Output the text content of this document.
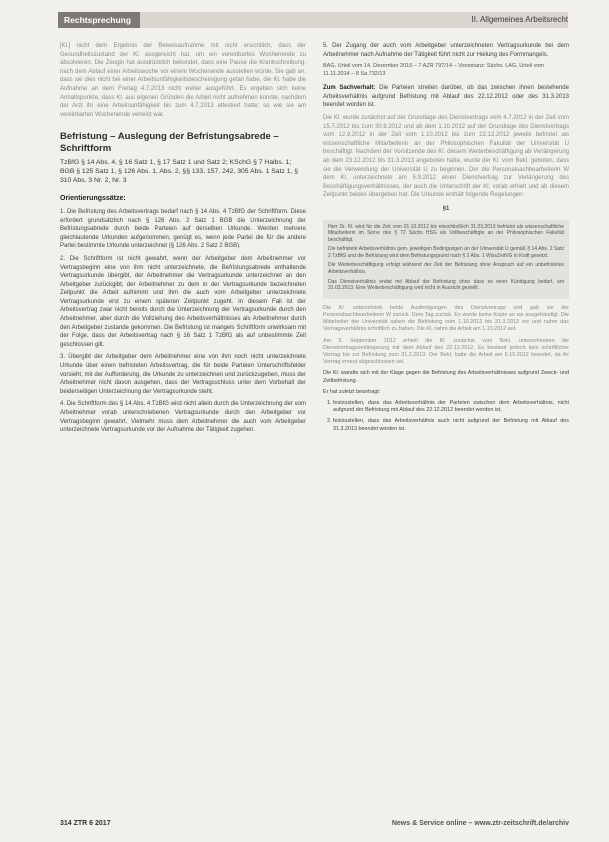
Rechtsprechung	II. Allgemeines Arbeitsrecht

[Kl.] nicht dem Ergebnis der Beweisaufnahme mit nicht ersichtlich, dass der Gesundheitszustand der Kl. ausgereicht hat, um ein vereinbartes Wochenende zu absolvieren. Die Zeugin hat ausdrücklich bekundet, dass eine Pause die Krankschreibung, nach dem Ablauf einer Arbeitswoche vor einem Wochenende ausstellen würde. Sie gab an, dass sie dies nicht bei einer Arbeitsunfähigkeitsbescheinigung getan habe, die Kl. habe die Aufnahme an dem Freitag 4.7.2013 nicht weiter ausgeführt. Es ergeben sich keine Anhaltspunkte, dass Kl. aus eigenen Gründen die Arbeit nicht aufnehmen konnte, nachdem der Arzt ihr eine Arbeitsunfähigkeit bis zum 4.7.2013 attestiert hatte; so wie sie am vereinbarten Wochenende verreist war.

Befristung – Auslegung der Befristungsabrede – Schriftform
TzBfG § 14 Abs. 4, § 16 Satz 1, § 17 Satz 1 und Satz 2; KSchG § 7 Halbs. 1; BGB § 125 Satz 1, § 126 Abs. 1, Abs. 2, §§ 133, 157, 242, 305 Abs. 1 Satz 1, § 310 Abs. 3 Nr. 2, Nr. 3
Orientierungssätze:

1. Die Befristung des Arbeitsvertrags bedarf nach § 14 Abs. 4 TzBfG der Schriftform. Diese erfordert grundsätzlich nach § 126 Abs. 2 Satz 1 BGB die Unterzeichnung der Befristungsabrede durch beide Parteien auf derselben Urkunde. Werden mehrere gleichlautende Urkunden aufgenommen, genügt es, wenn jede Partei die für die andere Partei bestimmte Urkunde unterzeichnet (§ 126 Abs. 2 Satz 2 BGB).

2. Die Schriftform ist nicht gewahrt, wenn der Arbeitgeber dem Arbeitnehmer vor Vertragsbeginn eine von ihm nicht unterzeichnete, die Befristungsabrede enthaltende Vertragsurkunde übergibt, der Arbeitnehmer die Vertragsurkunde unterzeichnet an den Arbeitgeber zurückgibt, der Arbeitnehmer zu dem in der Vertragsurkunde bezeichneten Zeitpunkt die Arbeit aufnimmt und ihm die auch vom Arbeitgeber unterzeichnete Vertragsurkunde erst zu einem späteren Zeitpunkt zugeht. In diesem Fall ist der Arbeitsvertrag zwar nicht bereits durch die Unterzeichnung der Vertragsurkunde durch den Arbeitnehmer, aber durch die Vollziehung des Arbeitsverhältnisses als Arbeitnehmer durch den Arbeitgeber zustande gekommen. Die Befristung ist mangels Schriftform unwirksam mit der Folge, dass der Arbeitsvertrag nach § 16 Satz 1 TzBfG als auf unbestimmte Zeit geschlossen gilt.

3. Übergibt der Arbeitgeber dem Arbeitnehmer eine von ihm noch nicht unterzeichnete Urkunde über einen befristeten Arbeitsvertrag, die für beide Parteien Unterschriftsfelder vorsieht, mit der Aufforderung, die Urkunde zu unterzeichnen und zurückzugeben, muss der Arbeitnehmer nicht davon ausgehen, dass der Vertragsschluss unter dem Vorbehalt der beiderseitigen Unterzeichnung der Vertragsurkunde steht.

4. Die Schriftform des § 14 Abs. 4 TzBfG wird nicht allein durch die Unterzeichnung der vom Arbeitnehmer vorab unterschriebenen Vertragsurkunde durch den Arbeitgeber vor Vertragsbeginn gewahrt. Vielmehr muss dem Arbeitnehmer die auch vom Arbeitgeber unterzeichnete Vertragsurkunde vor der Aufnahme der Tätigkeit zugehen.

5. Der Zugang der auch vom Arbeitgeber unterzeichneten Vertragsurkunde bei dem Arbeitnehmer nach Aufnahme der Tätigkeit führt nicht zur Heilung des Formmangels.

BAG, Urteil vom 14. Dezember 2016 – 7 AZR 797/14 – Vorinstanz: Sächs. LAG, Urteil vom 11.11.2014 – 8 Sa 732/13

Zum Sachverhalt: Die Parteien streiten darüber, ob das zwischen ihnen bestehende Arbeitsverhältnis aufgrund Befristung mit Ablauf des 22.12.2012 oder des 31.3.2013 beendet worden ist.

Die Kl. wurde zunächst auf der Grundlage des Dienstvertrags vom 4.7.2012 in der Zeit vom 15.7.2012 bis zum 30.9.2012 und ab dem 1.10.2012 auf der Grundlage des Dienstvertrags vom 12.9.2012 in der Zeit vom 1.10.2012 bis zum 22.12.2012 jeweils befristet als wissenschaftliche Mitarbeiterin an der Philosophischen Fakultät der Universität U beschäftigt. Nachdem der Vorsitzende des Kl. diesem Weiterbeschäftigung ab Verlängerung ab dem 23.12.2012 bis 31.3.2013 angeboten hatte, wurde der Kl. vom Bekl. geboten, dass sie die Verwendung der Universität U zu beginnen. Der die Personalsachbearbeiterin W dem Kl. unterzeichnete am 5.9.2012 einen Dienstvertrag zur Verlängerung des Beschäftigungsverhältnisses, der auch die Unterschrift der Kl. vorab erhielt und ab diesem Zeitpunkt beides übergeben hat. Die Urkunde enthält folgende Regelungen:

§1

Herr Dr. Kl. wird für die Zeit vom 01.10.2012 bis einschließlich 31.03.2013 befristet als wissenschaftliche Mitarbeiterin im Sinne des § 72 Sächs HSG als Vollbeschäftigte an der Philosophischen Fakultät beschäftigt.

Die befristete Arbeitsverhältnis gem. jeweiligen Bedingungen an der Universität U gemäß § 14 Abs. 2 Satz 2 TzBfG und die Befristung wird dem Befristungsgrund nach § 2 Abs. 1 WissZeitVG in Kraft gesetzt.

Die Weiterbeschäftigung erfolgt während der Zeit der Befristung ohne Anspruch auf ein unbefristetes Arbeitsverhältnis.

Das Dienstverhältnis endet mit Ablauf der Befristung ohne dass es einer Kündigung bedarf, am 31.03.2013. Eine Weiterbeschäftigung wird nicht in Aussicht gestellt.

Die Kl. unterschrieb beide Ausfertigungen des Dienstvertrags und gab sie der Personalsachbearbeiterin W zurück. Dem Tag zurück. Es wurde keine Kopie an sie ausgehändigt. Die Mitarbeiter der Universität sahen die Befristung vom 1.10.2012 bis 31.3.2013 vor und nahm das Vertragsverhältnis schriftlich zu haben. Die Kl. nahm die Arbeit am 1.10.2012 auf.

Am 5. September 2012 erhielt die Kl. zunächst vom Bekl. unterschrieben die Dienstvertragsverlängerung mit dem Ablauf des 22.12.2012. Es bestand jedoch kein schriftlicher Vertrag bis zur Befristung zum 31.3.2013. Der Bekl. hatte die Arbeit am 5.10.2012 beendet, da ihr Vertrag erneut abgeschlossen sei.

Die Kl. wandte sich mit der Klage gegen die Befristung des Arbeitsverhältnisses aufgrund Zweck- und Zeitbefristung.

Er hat zuletzt beantragt:

1. festzustellen, dass das Arbeitsverhältnis der Parteien zwischen dem Arbeitsverhältnis, nicht aufgrund der Befristung mit Ablauf des 22.12.2012 beendet worden ist,
2. festzustellen, dass das Arbeitsverhältnis auch nicht aufgrund der Befristung mit Ablauf des 31.3.2013 beendet worden ist.
314 ZTR 6 2017	News & Service online – www.ztr-zeitschrift.de/archiv
